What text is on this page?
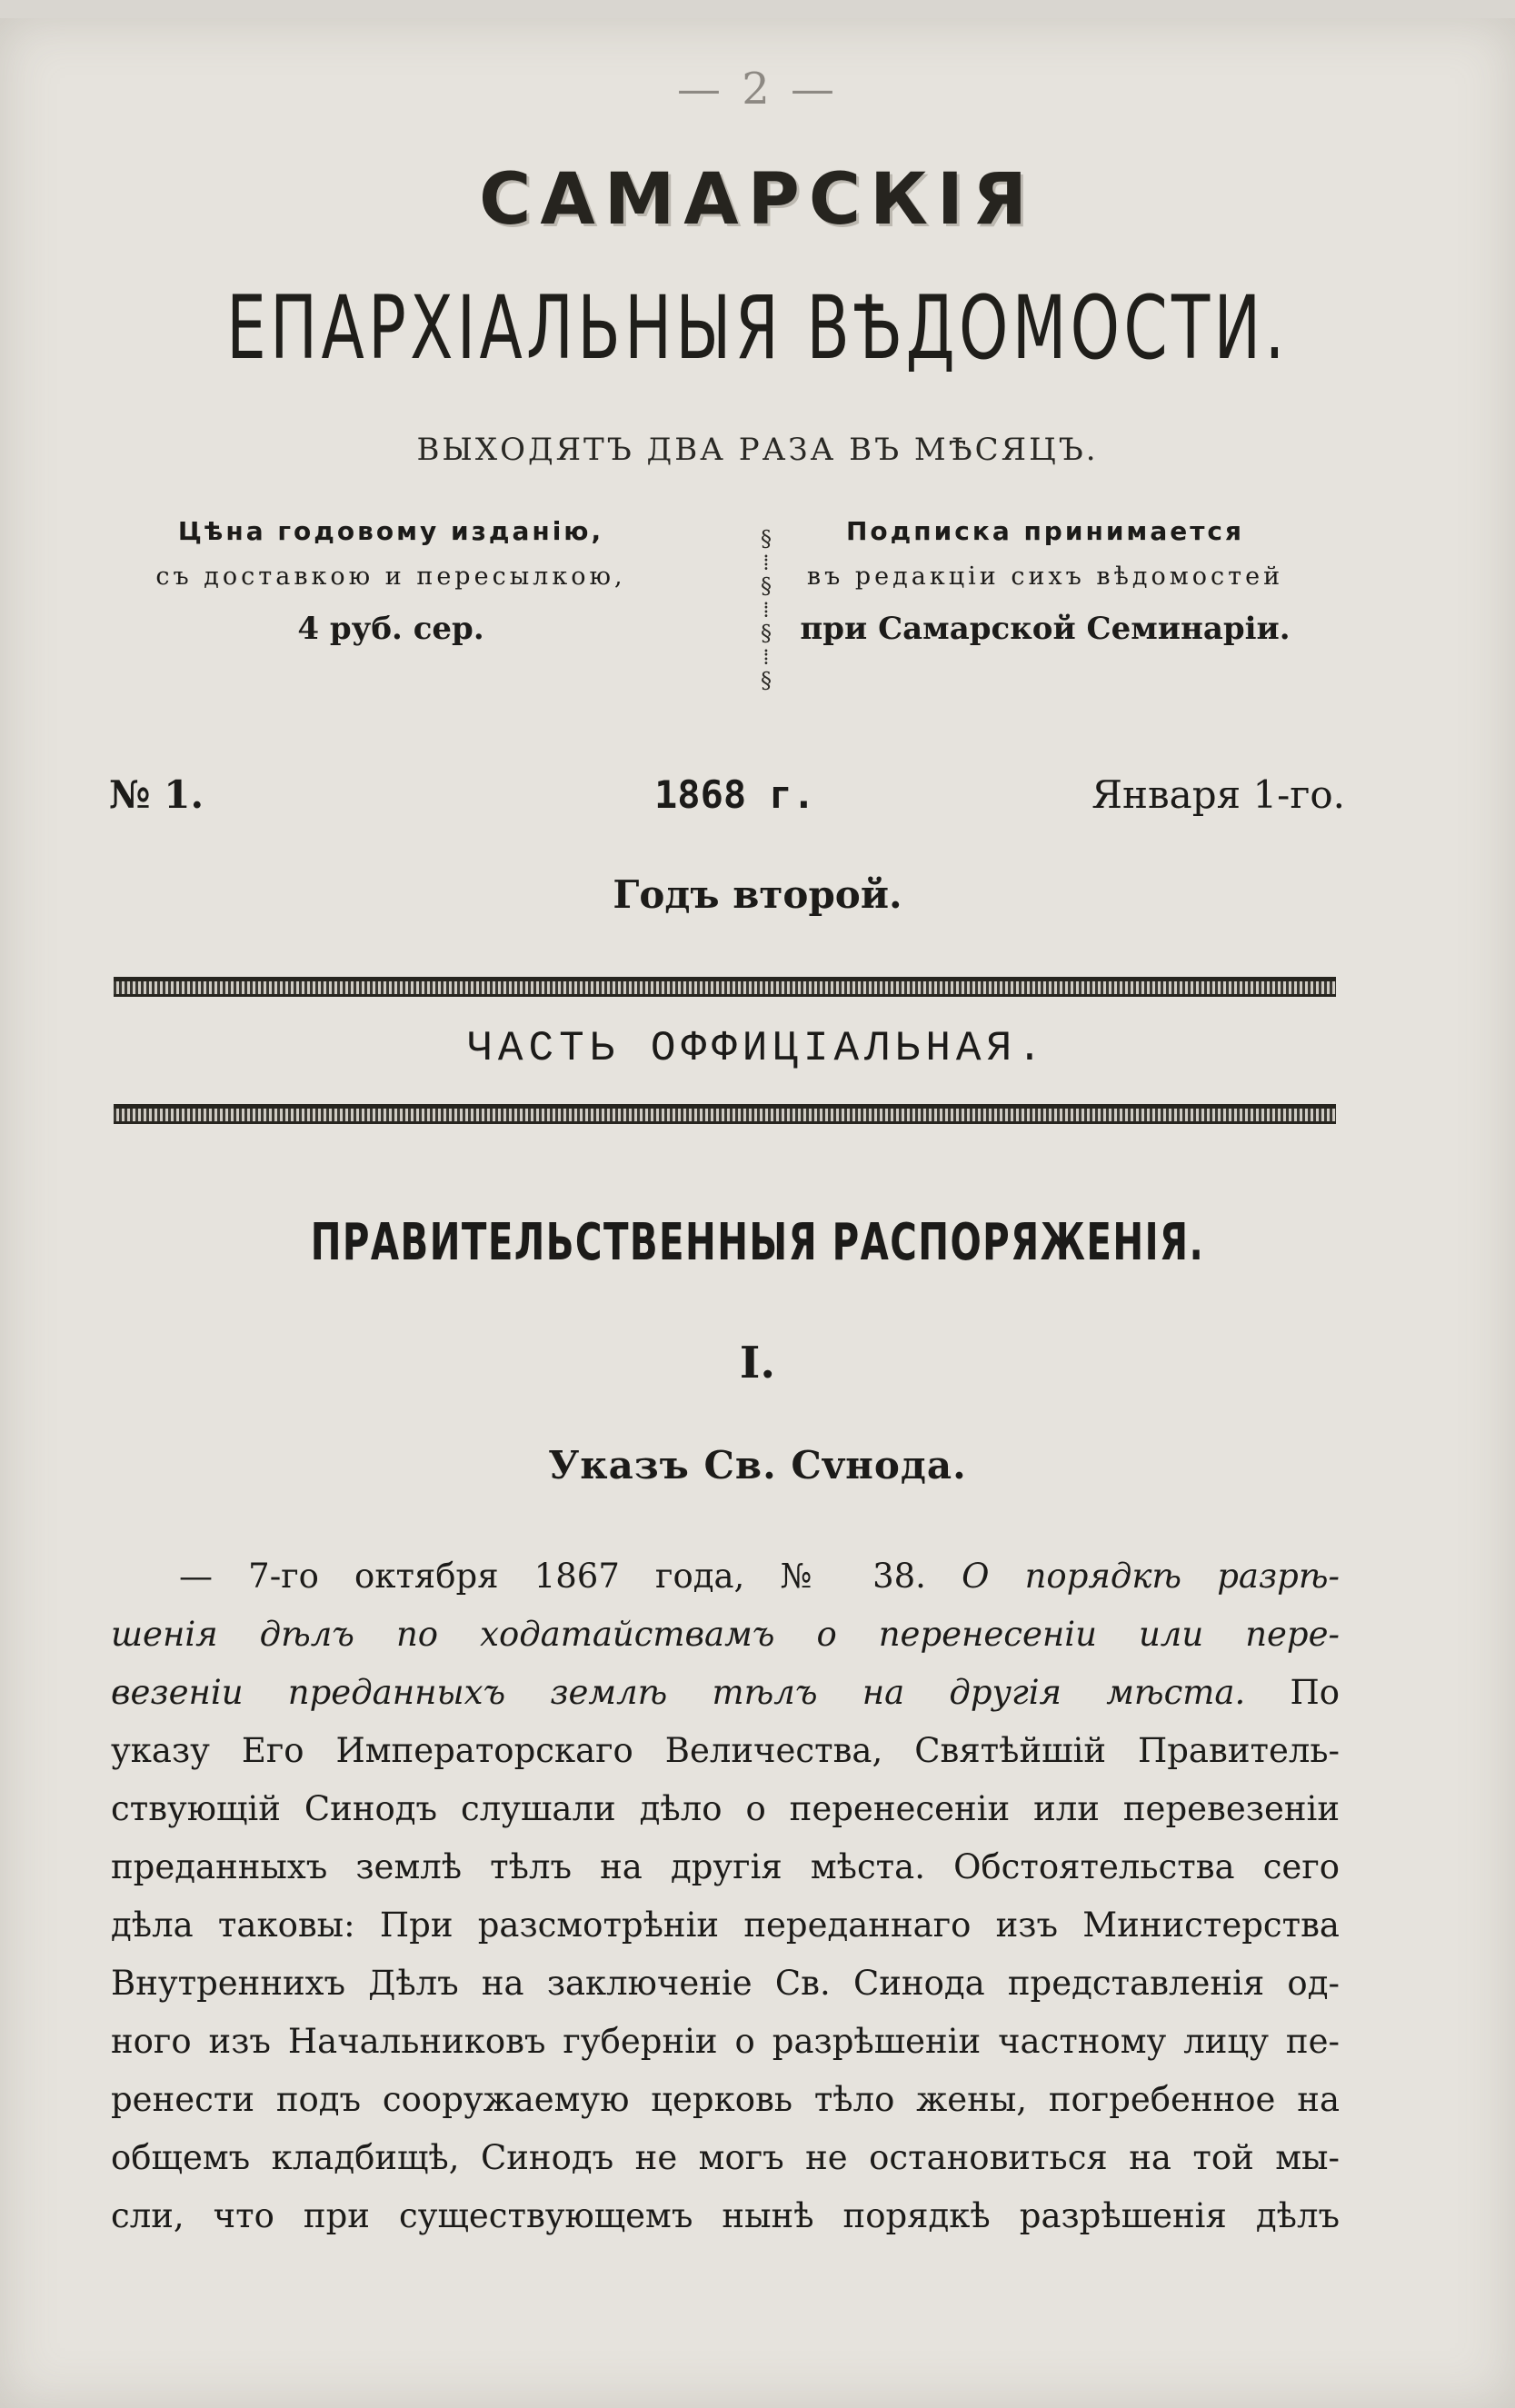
— 2 —
САМАРСКІЯ
ЕПАРХІАЛЬНЫЯ ВѢДОМОСТИ.
ВЫХОДЯТЪ ДВА РАЗА ВЪ МѢСЯЦЪ.
Цѣна годовому изданію,
съ доставкою и пересылкою,
4 руб. сер.
§
⁞
§
⁞
§
⁞
§
Подписка принимается
въ редакціи сихъ вѣдомостей
при Самарской Семинаріи.
№ 1.	1868 г.	Января 1-го.
Годъ второй.
ЧАСТЬ ОФФИЦІАЛЬНАЯ.
ПРАВИТЕЛЬСТВЕННЫЯ РАСПОРЯЖЕНІЯ.
I.
Указъ Св. Сvнода.
— 7-го октября 1867 года, № 38. О порядкѣ разрѣ-
шенія дѣлъ по ходатайствамъ о перенесеніи или пере-
везеніи преданныхъ землѣ тѣлъ на другія мѣста. По
указу Его Императорскаго Величества, Святѣйшій Правитель-
ствующій Синодъ слушали дѣло о перенесеніи или перевезеніи
преданныхъ землѣ тѣлъ на другія мѣста. Обстоятельства сего
дѣла таковы: При разсмотрѣніи переданнаго изъ Министерства
Внутреннихъ Дѣлъ на заключеніе Св. Синода представленія од-
ного изъ Начальниковъ губерніи о разрѣшеніи частному лицу пе-
ренести подъ сооружаемую церковь тѣло жены, погребенное на
общемъ кладбищѣ, Синодъ не могъ не остановиться на той мы-
сли, что при существующемъ нынѣ порядкѣ разрѣшенія дѣлъ
